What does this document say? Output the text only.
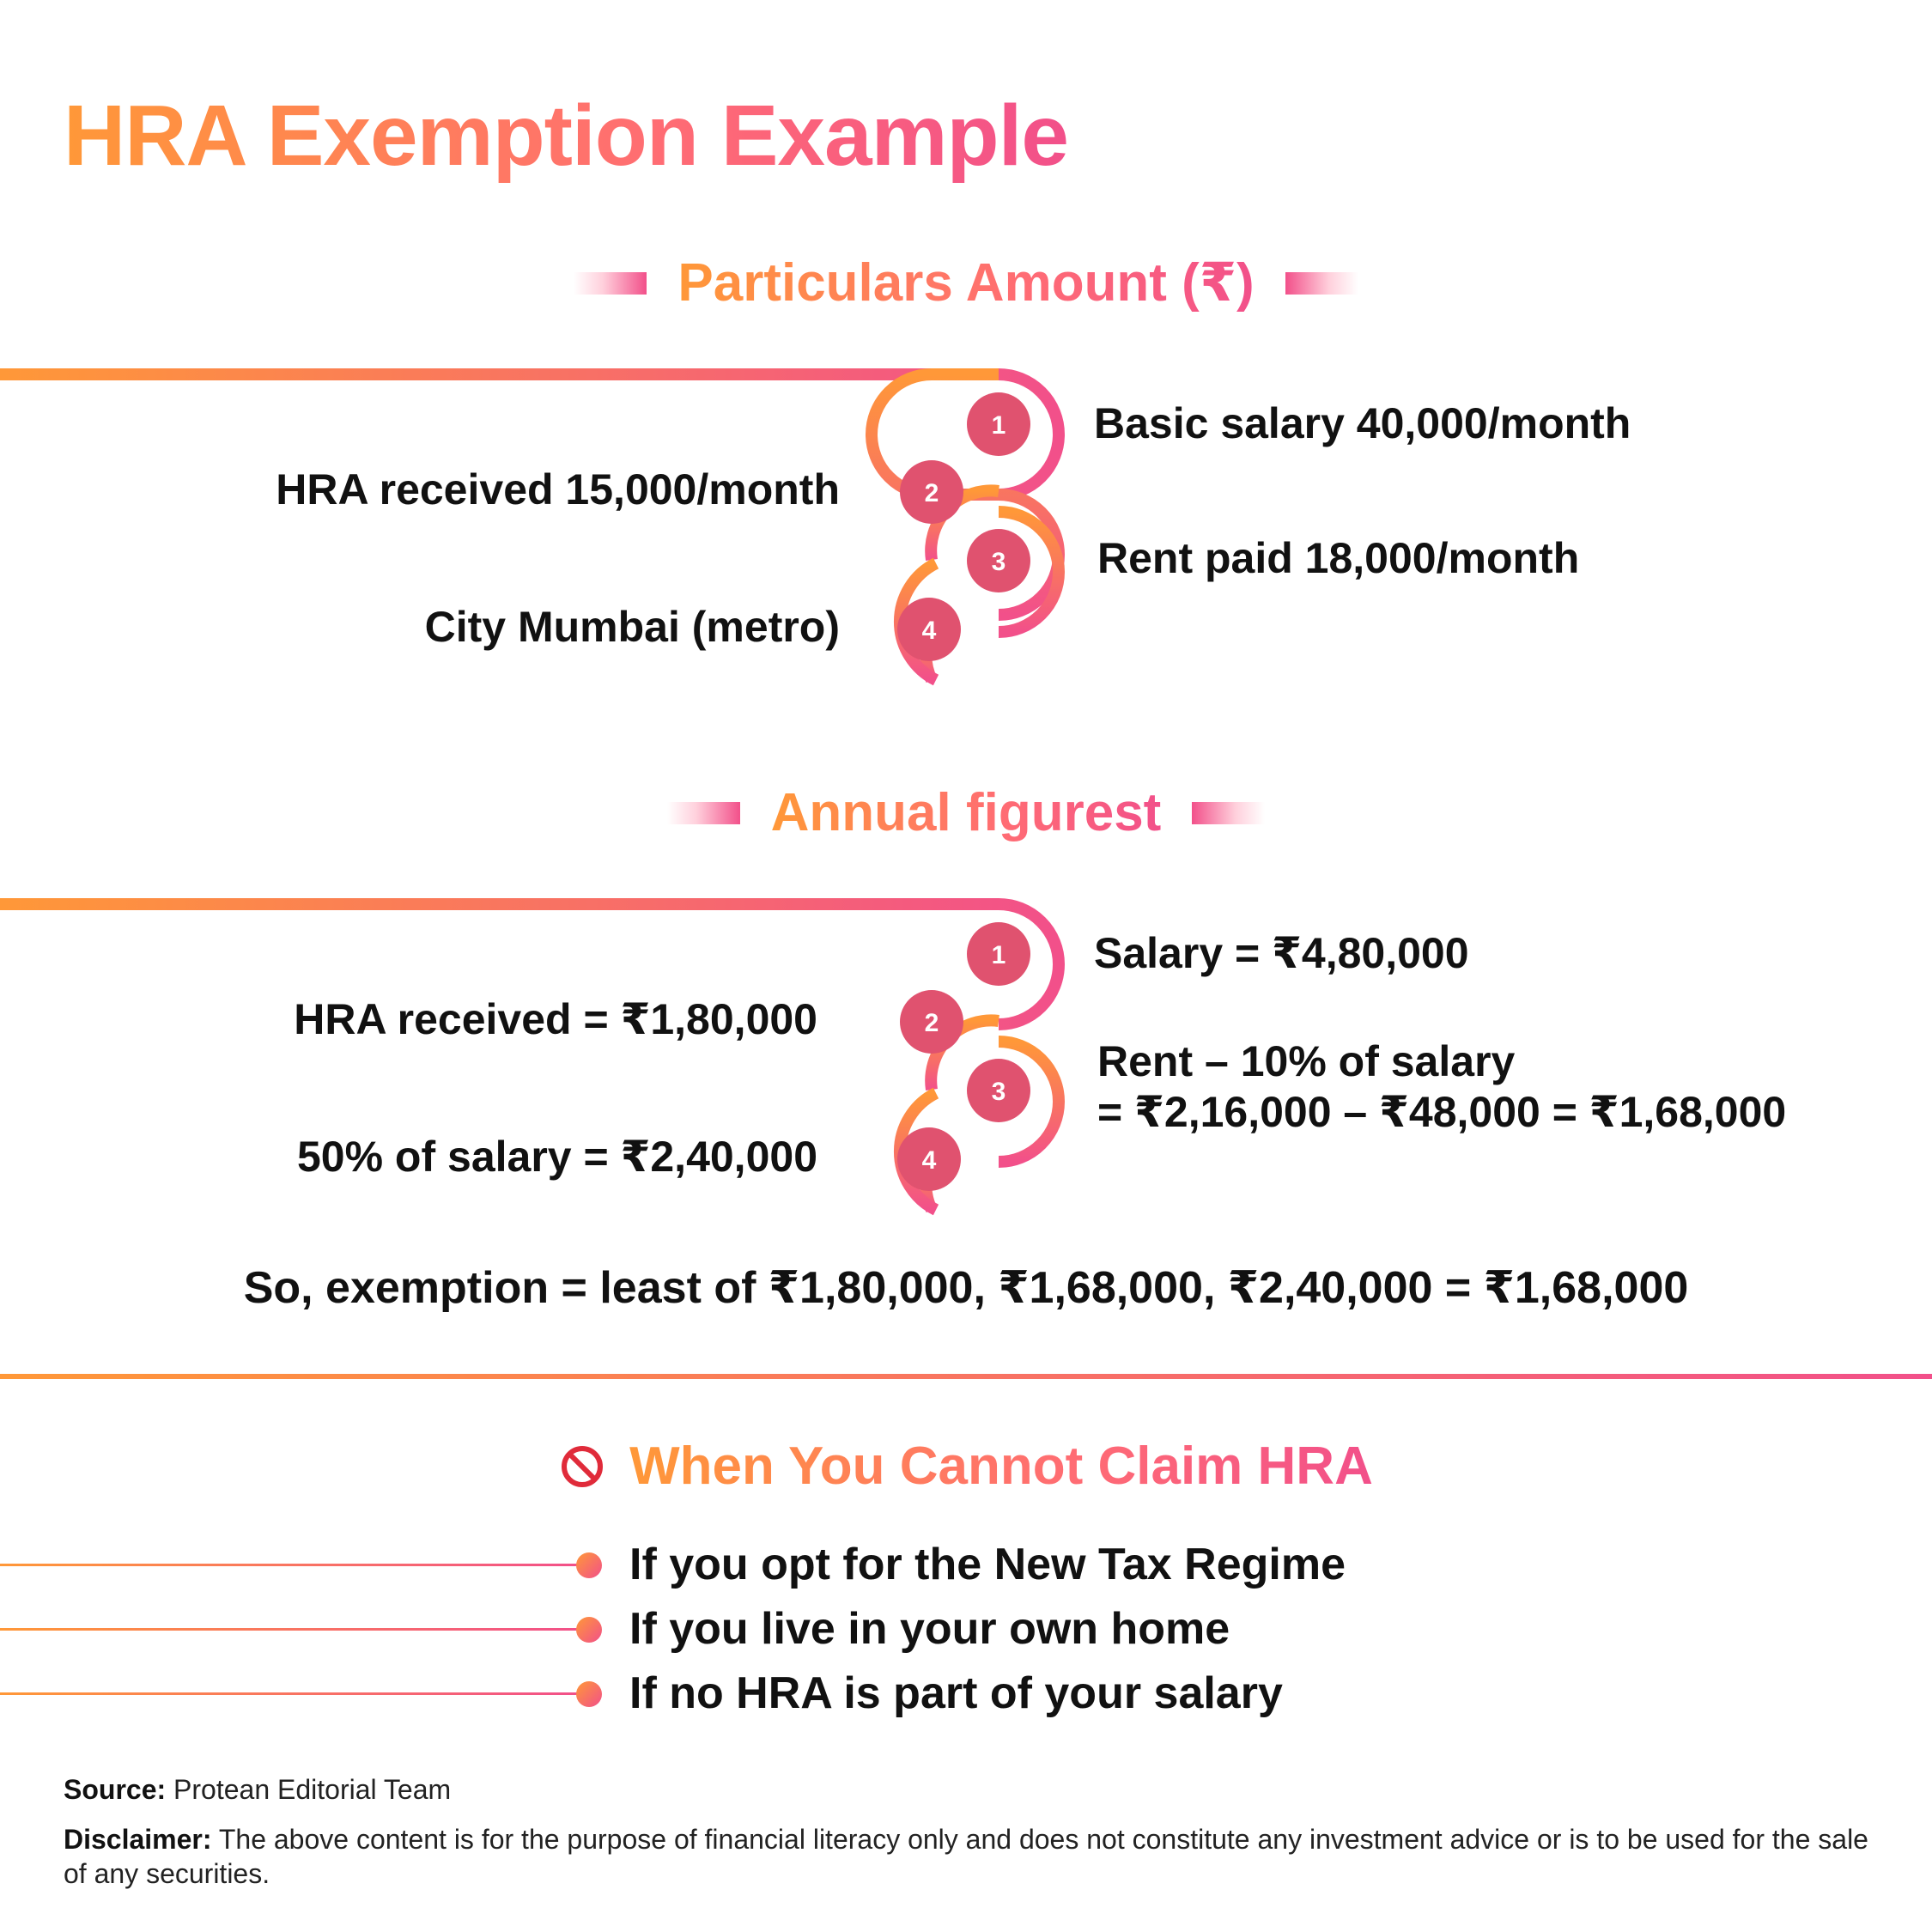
HRA Exemption Example
Particulars Amount (₹)
1
2
3
4
Basic salary 40,000/month
HRA received 15,000/month
Rent paid 18,000/month
City Mumbai (metro)
Annual figurest
1
2
3
4
Salary = ₹4,80,000
HRA received = ₹1,80,000
Rent – 10% of salary
= ₹2,16,000 – ₹48,000 = ₹1,68,000
50% of salary = ₹2,40,000
So, exemption = least of ₹1,80,000, ₹1,68,000, ₹2,40,000 = ₹1,68,000
When You Cannot Claim HRA
If you opt for the New Tax Regime
If you live in your own home
If no HRA is part of your salary
Source: Protean Editorial Team
Disclaimer: The above content is for the purpose of financial literacy only and does not constitute any investment advice or is to be used for the sale of any securities.
